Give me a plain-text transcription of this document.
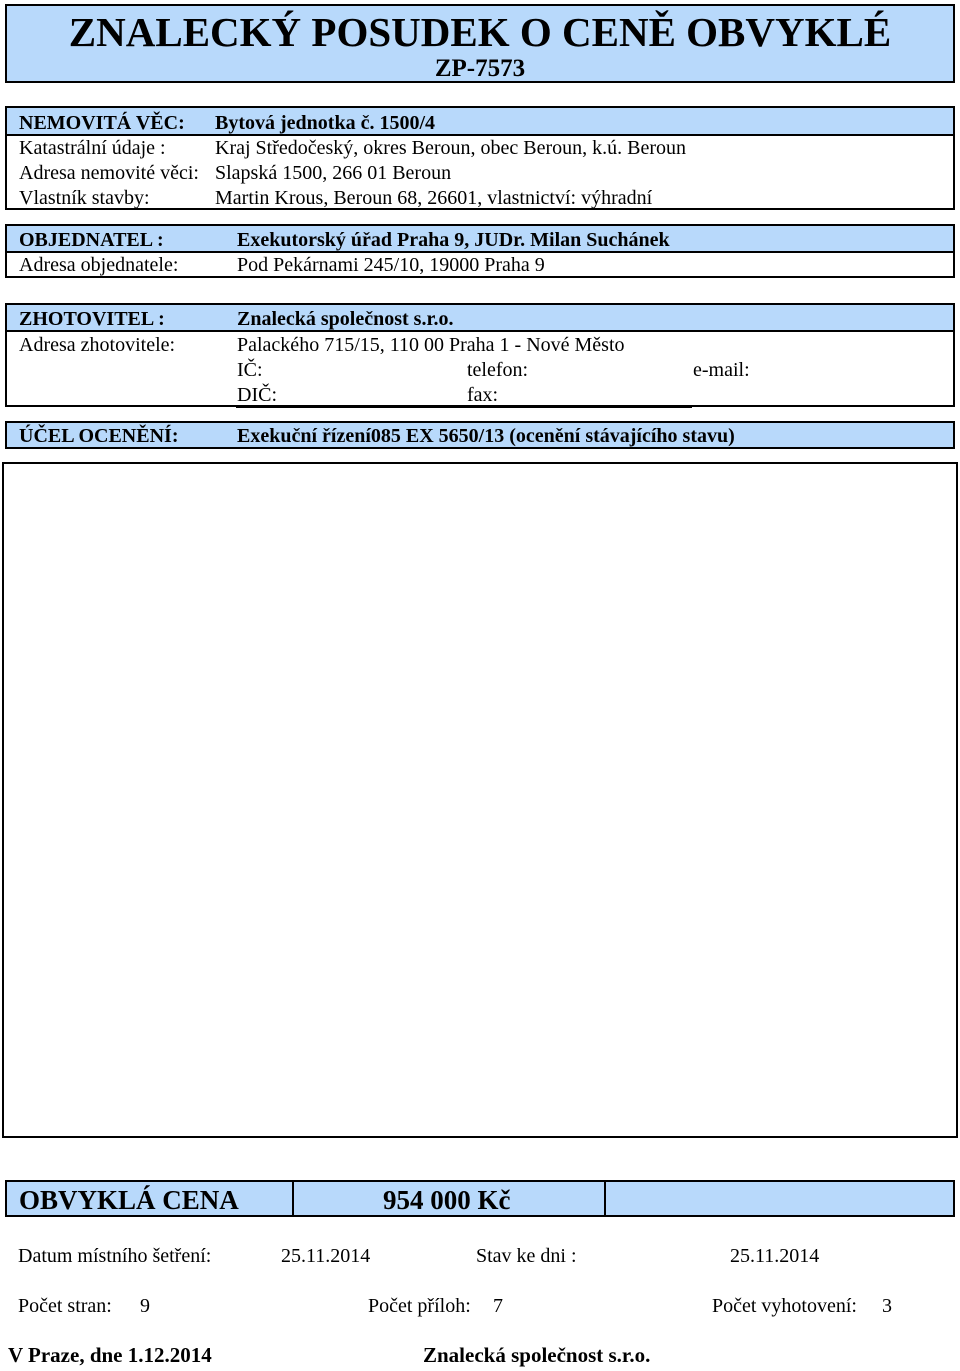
ZNALECKÝ POSUDEK O CENĚ OBVYKLÉ
ZP-7573
NEMOVITÁ VĚC: Bytová jednotka č. 1500/4
Katastrální údaje : Kraj Středočeský, okres Beroun, obec Beroun, k.ú. Beroun
Adresa nemovité věci: Slapská 1500, 266 01 Beroun
Vlastník stavby:	Martin Krous, Beroun 68, 26601, vlastnictví: výhradní
OBJEDNATEL :	Exekutorský úřad Praha 9, JUDr. Milan Suchánek
Adresa objednatele:	Pod Pekárnami 245/10, 19000 Praha 9
ZHOTOVITEL :	Znalecká společnost s.r.o.
Adresa zhotovitele:	Palackého 715/15, 110 00 Praha 1 - Nové Město
IČ:	telefon:	e-mail:
DIČ:	fax:
ÚČEL OCENĚNÍ:	Exekuční řízení085 EX 5650/13 (ocenění stávajícího stavu)
OBVYKLÁ CENA	954 000 Kč
Datum místního šetření:	25.11.2014	Stav ke dni :	25.11.2014
Počet stran: 9	Počet příloh: 7	Počet vyhotovení: 3
V Praze, dne 1.12.2014	Znalecká společnost s.r.o.
